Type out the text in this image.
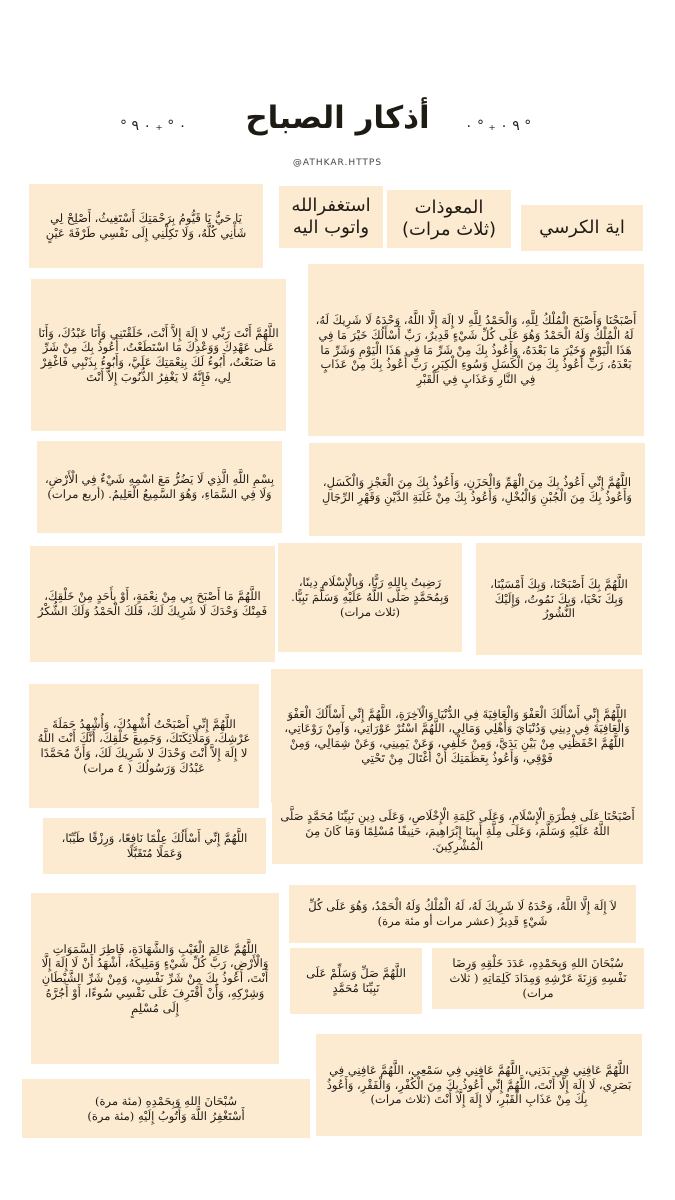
° ٠ ° ₊ ٠ ٩	أذكار الصباح	٩ ٠ ₊ ° ٠ °
@ATHKAR.HTTPS
يَا حَيُّ يَا قَيُّومُ بِرَحْمَتِكَ أَسْتَغِيثُ، أَصْلِحْ لِي شَأْنِي كُلَّهُ، وَلَا تَكِلْنِي إِلَى نَفْسِي طَرْفَةَ عَيْنٍ
استغفرالله
واتوب اليه
المعوذات
(ثلاث مرات)	اية الكرسي
اللَّهُمَّ أَنْتَ رَبِّي لا إِلَهَ إِلاَّ أَنْتَ، خَلَقْتَنِي وَأَنَا عَبْدُكَ، وَأَنَا عَلَى عَهْدِكَ وَوَعْدِكَ مَا اسْتَطَعْتُ، أَعُوذُ بِكَ مِنْ شَرِّ مَا صَنَعْتُ، أَبُوءُ لَكَ بِنِعْمَتِكَ عَلَيَّ، وَأَبُوءُ بِذَنْبِي فَاغْفِرْ لِي، فَإِنَّهُ لا يَغْفِرُ الذُّنُوبَ إِلاَّ أَنْتَ
أَصْبَحْنَا وَأَصْبَحَ الْمُلْكُ لِلَّهِ، وَالْحَمْدُ لِلَّهِ لا إِلَهَ إِلَّا اللَّهُ، وَحْدَهُ لَا شَرِيكَ لَهُ، لَهُ الْمُلْكُ وَلَهُ الْحَمْدُ وَهُوَ عَلَى كُلِّ شَيْءٍ قَدِيرٌ، رَبِّ أَسْأَلُكَ خَيْرَ مَا فِي هَذَا الْيَوْمِ وَخَيْرَ مَا بَعْدَهُ، وَأَعُوذُ بِكَ مِنْ شَرِّ مَا فِي هَذَا الْيَوْمِ وَشَرِّ مَا بَعْدَهُ، رَبِّ أَعُوذُ بِكَ مِنَ الْكَسَلِ وَسُوءِ الْكِبَرِ، رَبِّ أَعُوذُ بِكَ مِنْ عَذَابٍ فِي النَّارِ وَعَذَابٍ فِي الْقَبْرِ
بِسْمِ اللَّهِ الَّذِي لَا يَضُرُّ مَعَ اسْمِهِ شَيْءٌ فِي الْأَرْضِ، وَلَا فِي السَّمَاءِ، وَهُوَ السَّمِيعُ الْعَلِيمُ. (أربع مرات)
اللَّهُمَّ إِنِّي أَعُوذُ بِكَ مِنَ الْهَمِّ وَالْحَزَنِ، وَأَعُوذُ بِكَ مِنَ الْعَجْزِ وَالْكَسَلِ، وَأَعُوذُ بِكَ مِنَ الْجُبْنِ وَالْبُخْلِ، وَأَعُوذُ بِكَ مِنْ غَلَبَةِ الدَّيْنِ وَقَهْرِ الرِّجَالِ
اللَّهُمَّ مَا أَصْبَحَ بِي مِنْ نِعْمَةٍ، أَوْ بِأَحَدٍ مِنْ خَلْقِكَ، فَمِنْكَ وَحْدَكَ لَا شَرِيكَ لَكَ، فَلَكَ الْحَمْدُ وَلَكَ الشُّكْرُ
رَضِيتُ بِاللهِ رَبًّا، وَبِالْإِسْلَامِ دِينًا، وَبِمُحَمَّدٍ صَلَّى اللَّهُ عَلَيْهِ وَسَلَّمَ نَبِيًّا. (ثلاث مرات)
اللَّهُمَّ بِكَ أَصْبَحْنَا، وَبِكَ أَمْسَيْنَا، وَبِكَ نَحْيَا، وَبِكَ نَمُوتُ، وَإِلَيْكَ النُّشُورُ
اللَّهُمَّ إِنِّي أَصْبَحْتُ أُشْهِدُكَ، وَأُشْهِدُ حَمَلَةَ عَرْشِكَ، وَمَلَائِكَتَكَ، وَجَمِيعَ خَلْقِكَ، أَنَّكَ أَنْتَ اللَّهُ لا إِلَهَ إِلاَّ أَنْتَ وَحْدَكَ لا شَرِيكَ لَكَ، وَأَنَّ مُحَمَّدًا عَبْدُكَ وَرَسُولُكَ ( ٤ مرات)
اللَّهُمَّ إِنِّي أَسْأَلُكَ الْعَفْوَ وَالْعَافِيَةَ فِي الدُّنْيَا وَالْآخِرَةِ، اللَّهُمَّ إِنِّي أَسْأَلُكَ الْعَفْوَ وَالْعَافِيَةَ فِي دِينِي وَدُنْيَايَ وَأَهْلِي وَمَالِي، اللَّهُمَّ اسْتُرْ عَوْرَاتِي، وَآمِنْ رَوْعَاتِي، اللَّهُمَّ احْفَظْنِي مِنْ بَيْنِ يَدَيَّ، وَمِنْ خَلْفِي، وَعَنْ يَمِينِي، وَعَنْ شِمَالِي، وَمِنْ فَوْقِي، وَأَعُوذُ بِعَظَمَتِكَ أَنْ أُغْتَالَ مِنْ تَحْتِي
اللَّهُمَّ إِنِّي أَسْأَلُكَ عِلْمًا نَافِعًا، وَرِزْقًا طَيِّبًا، وَعَمَلًا مُتَقَبَّلًا
أَصْبَحْنَا عَلَى فِطْرَةِ الْإِسْلَامِ، وَعَلَى كَلِمَةِ الْإِخْلَاصِ، وَعَلَى دِينِ نَبِيِّنَا مُحَمَّدٍ صَلَّى اللَّهُ عَلَيْهِ وَسَلَّمَ، وَعَلَى مِلَّةِ أَبِينَا إِبْرَاهِيمَ، حَنِيفًا مُسْلِمًا وَمَا كَانَ مِنَ الْمُشْرِكِينَ.
اللَّهُمَّ عَالِمَ الْغَيْبِ وَالشَّهَادَةِ، فَاطِرَ السَّمَوَاتِ وَالْأَرْضِ، رَبَّ كُلِّ شَيْءٍ وَمَلِيكَهُ، أَشْهَدُ أَنْ لَا إِلَهَ إِلَّا أَنْتَ، أَعُوذُ بِكَ مِنْ شَرِّ نَفْسِي، وَمِنْ شَرِّ الشَّيْطَانِ وَشِرْكِهِ، وَأَنْ أَقْتَرِفَ عَلَى نَفْسِي سُوءًا، أَوْ أَجُرَّهُ إِلَى مُسْلِمٍ
لاَ إِلَهَ إِلَّا اللَّهُ، وَحْدَهُ لَا شَرِيكَ لَهُ، لَهُ الْمُلْكُ وَلَهُ الْحَمْدُ، وَهُوَ عَلَى كُلِّ شَيْءٍ قَدِيرٌ (عشر مرات أو مئة مرة)
اللَّهُمَّ صَلِّ وَسَلِّمْ عَلَى نَبِيِّنَا مُحَمَّدٍ
سُبْحَانَ اللهِ وَبِحَمْدِهِ، عَدَدَ خَلْقِهِ وَرِضَا نَفْسِهِ وَزِنَةَ عَرْشِهِ وَمِدَادَ كَلِمَاتِهِ ( ثلاث مرات)
اللَّهُمَّ عَافِنِي فِي بَدَنِي، اللَّهُمَّ عَافِنِي فِي سَمْعِي، اللَّهُمَّ عَافِنِي فِي بَصَرِي، لَا إِلَهَ إِلَّا أَنْتَ، اللَّهُمَّ إِنِّي أَعُوذُ بِكَ مِنَ الْكُفْرِ، وَالْفَقْرِ، وَأَعُوذُ بِكَ مِنْ عَذَابِ الْقَبْرِ، لَا إِلَهَ إِلَّا أَنْتَ (ثلاث مرات)
سُبْحَانَ اللهِ وَبِحَمْدِهِ (مئة مرة)
أَسْتَغْفِرُ اللَّهَ وَأَتُوبُ إِلَيْهِ (مئة مرة)
